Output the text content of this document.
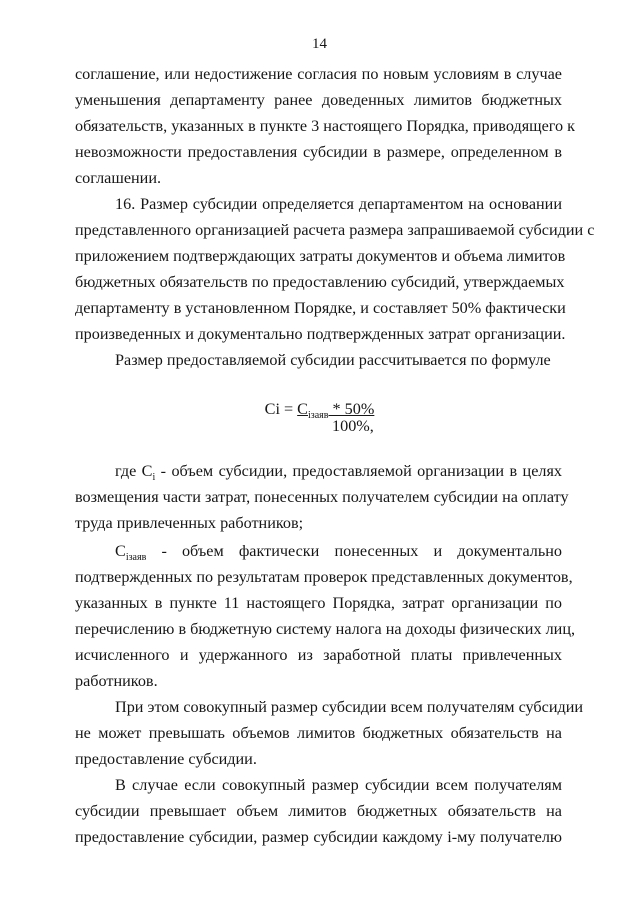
14
соглашение, или недостижение согласия по новым условиям в случае
уменьшения департаменту ранее доведенных лимитов бюджетных
обязательств, указанных в пункте 3 настоящего Порядка, приводящего к
невозможности предоставления субсидии в размере, определенном в
соглашении.
16. Размер субсидии определяется департаментом на основании
представленного организацией расчета размера запрашиваемой субсидии с
приложением подтверждающих затраты документов и объема лимитов
бюджетных обязательств по предоставлению субсидий, утверждаемых
департаменту в установленном Порядке, и составляет 50% фактически
произведенных и документально подтвержденных затрат организации.
Размер предоставляемой субсидии рассчитывается по формуле
$Ci = C_{iзаяв} * 50\%$
100%,
где $C_i$ - объем субсидии, предоставляемой организации в целях
возмещения части затрат, понесенных получателем субсидии на оплату
труда привлеченных работников;
$C_{iзаяв}$  -  объем  фактически  понесенных  и  документально
подтвержденных по результатам проверок представленных документов,
указанных в пункте 11 настоящего Порядка, затрат организации по
перечислению в бюджетную систему налога на доходы физических лиц,
исчисленного и удержанного из заработной платы привлеченных
работников.
При этом совокупный размер субсидии всем получателям субсидии
не может превышать объемов лимитов бюджетных обязательств на
предоставление субсидии.
В случае если совокупный размер субсидии всем получателям
субсидии превышает объем лимитов бюджетных обязательств на
предоставление субсидии, размер субсидии каждому i-му получателю
